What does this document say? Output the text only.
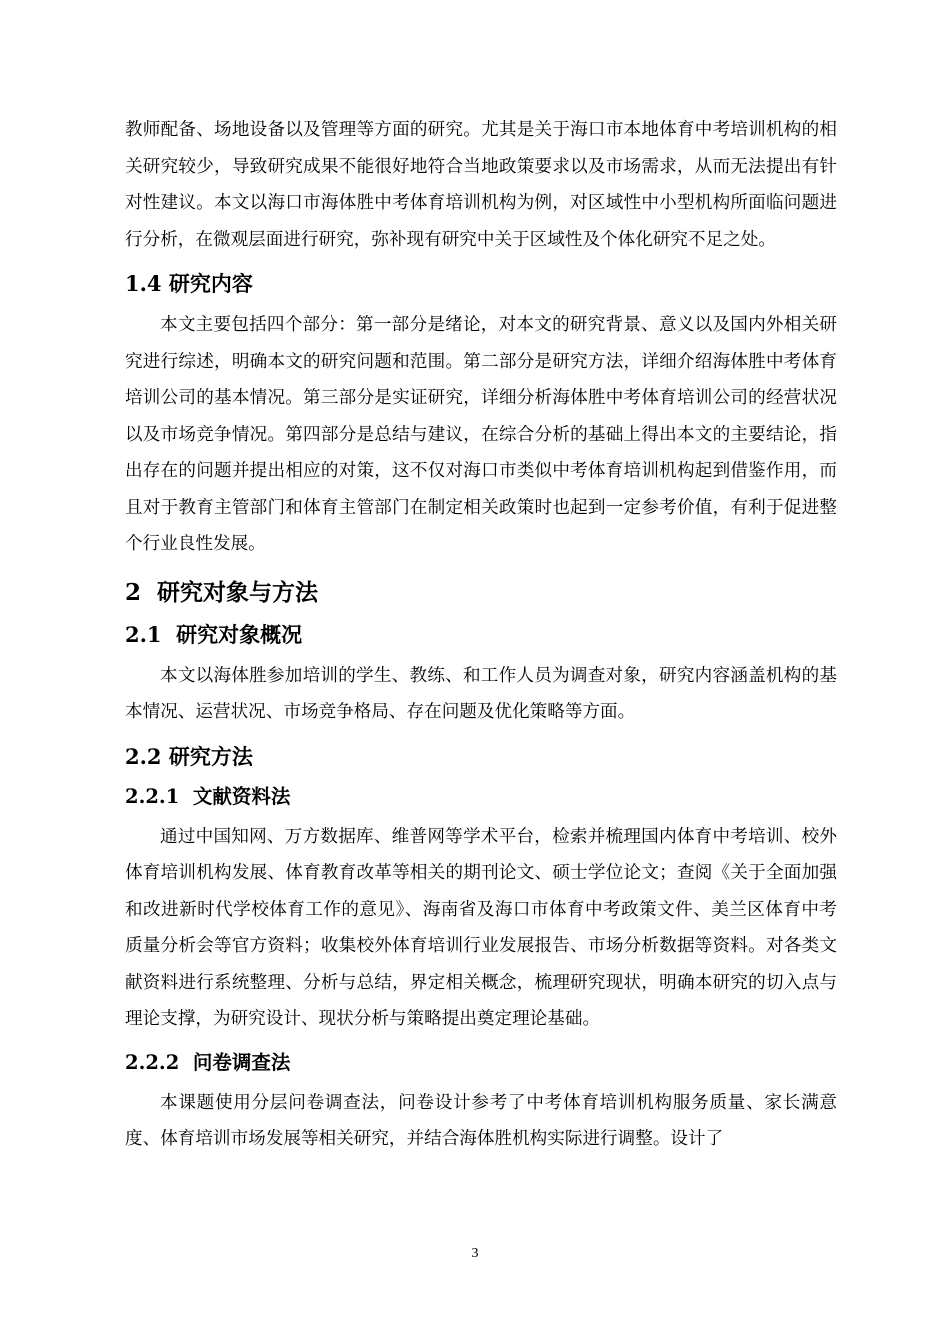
教师配备、场地设备以及管理等方面的研究。尤其是关于海口市本地体育中考培训机构的相关研究较少，导致研究成果不能很好地符合当地政策要求以及市场需求，从而无法提出有针对性建议。本文以海口市海体胜中考体育培训机构为例，对区域性中小型机构所面临问题进行分析，在微观层面进行研究，弥补现有研究中关于区域性及个体化研究不足之处。

1.4 研究内容

本文主要包括四个部分：第一部分是绪论，对本文的研究背景、意义以及国内外相关研究进行综述，明确本文的研究问题和范围。第二部分是研究方法，详细介绍海体胜中考体育培训公司的基本情况。第三部分是实证研究，详细分析海体胜中考体育培训公司的经营状况以及市场竞争情况。第四部分是总结与建议，在综合分析的基础上得出本文的主要结论，指出存在的问题并提出相应的对策，这不仅对海口市类似中考体育培训机构起到借鉴作用，而且对于教育主管部门和体育主管部门在制定相关政策时也起到一定参考价值，有利于促进整个行业良性发展。

2  研究对象与方法
2.1  研究对象概况

本文以海体胜参加培训的学生、教练、和工作人员为调查对象，研究内容涵盖机构的基本情况、运营状况、市场竞争格局、存在问题及优化策略等方面。

2.2 研究方法
2.2.1  文献资料法

通过中国知网、万方数据库、维普网等学术平台，检索并梳理国内体育中考培训、校外体育培训机构发展、体育教育改革等相关的期刊论文、硕士学位论文；查阅《关于全面加强和改进新时代学校体育工作的意见》、海南省及海口市体育中考政策文件、美兰区体育中考质量分析会等官方资料；收集校外体育培训行业发展报告、市场分析数据等资料。对各类文献资料进行系统整理、分析与总结，界定相关概念，梳理研究现状，明确本研究的切入点与理论支撑，为研究设计、现状分析与策略提出奠定理论基础。

2.2.2  问卷调查法

本课题使用分层问卷调查法，问卷设计参考了中考体育培训机构服务质量、家长满意度、体育培训市场发展等相关研究，并结合海体胜机构实际进行调整。设计了

3
